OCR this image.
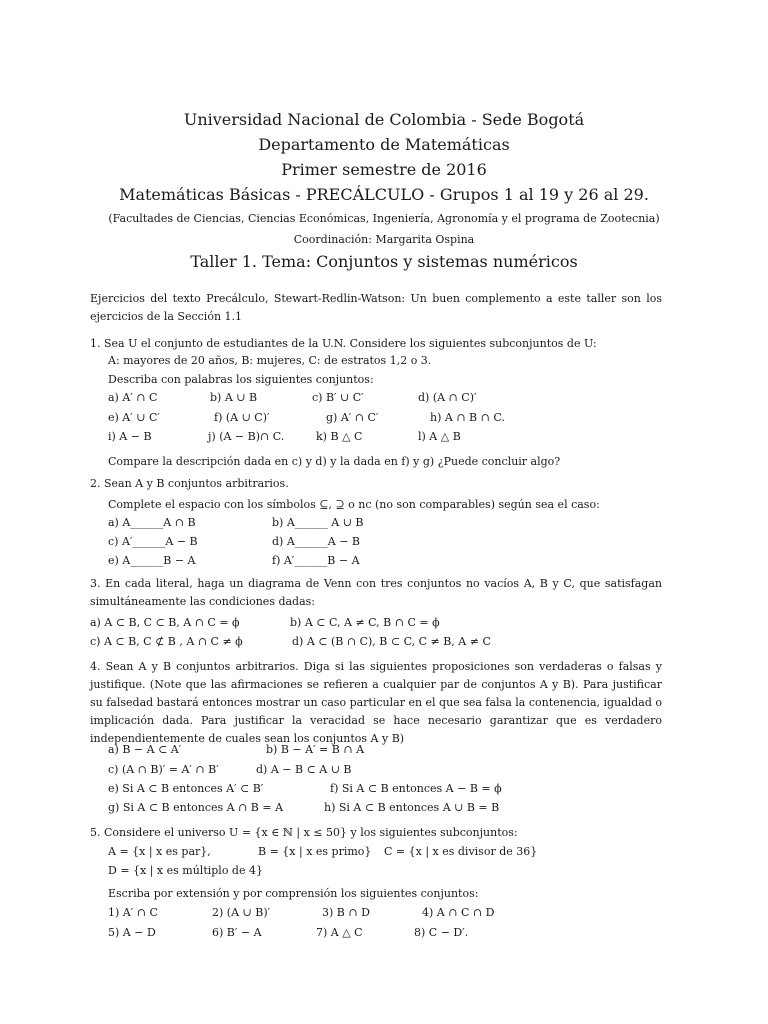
Universidad Nacional de Colombia - Sede Bogotá
Departamento de Matemáticas
Primer semestre de 2016
Matemáticas Básicas - PRECÁLCULO - Grupos 1 al 19 y 26 al 29.
(Facultades de Ciencias, Ciencias Económicas, Ingeniería, Agronomía y el programa de Zootecnia)
Coordinación: Margarita Ospina
Taller 1. Tema: Conjuntos y sistemas numéricos
Ejercicios del texto Precálculo, Stewart-Redlin-Watson: Un buen complemento a este taller son los ejercicios de la Sección 1.1
1. Sea U el conjunto de estudiantes de la U.N. Considere los siguientes subconjuntos de U:
A: mayores de 20 años, B: mujeres, C: de estratos 1,2 o 3.
Describa con palabras los siguientes conjuntos:
a) A′ ∩ C	b) A ∪ B	c) B′ ∪ C′	d) (A ∩ C)′
e) A′ ∪ C′	f) (A ∪ C)′	g) A′ ∩ C′	h) A ∩ B ∩ C.
i) A − B	j) (A − B)∩ C.	k) B △ C	l) A △ B
Compare la descripción dada en c) y d) y la dada en f) y g) ¿Puede concluir algo?
2. Sean A y B conjuntos arbitrarios.
Complete el espacio con los símbolos ⊆, ⊇ o nc (no son comparables) según sea el caso:
a) A______A ∩ B	b) A______ A ∪ B
c) A′______A − B	d) A______A − B
e) A______B − A	f) A′______B − A
3. En cada literal, haga un diagrama de Venn con tres conjuntos no vacíos A, B y C, que satisfagan simultáneamente las condiciones dadas:
a) A ⊂ B, C ⊂ B, A ∩ C = ϕ	b) A ⊂ C, A ≠ C, B ∩ C = ϕ
c) A ⊂ B, C ⊄ B , A ∩ C ≠ ϕ	d) A ⊂ (B ∩ C), B ⊂ C, C ≠ B, A ≠ C
4. Sean A y B conjuntos arbitrarios. Diga si las siguientes proposiciones son verdaderas o falsas y justifique. (Note que las afirmaciones se refieren a cualquier par de conjuntos A y B). Para justificar su falsedad bastará entonces mostrar un caso particular en el que sea falsa la contenencia, igualdad o implicación dada. Para justificar la veracidad se hace necesario garantizar que es verdadero independientemente de cuales sean los conjuntos A y B)
a) B − A ⊂ A′	b) B − A′ = B ∩ A
c) (A ∩ B)′ = A′ ∩ B′	d) A − B ⊂ A ∪ B
e) Si A ⊂ B entonces A′ ⊂ B′	f) Si A ⊂ B entonces A − B = ϕ
g) Si A ⊂ B entonces A ∩ B = A	h) Si A ⊂ B entonces A ∪ B = B
5. Considere el universo U = {x ∈ ℕ | x ≤ 50} y los siguientes subconjuntos:
A = {x | x es par},	B = {x | x es primo} C = {x | x es divisor de 36}
D = {x | x es múltiplo de 4}
Escriba por extensión y por comprensión los siguientes conjuntos:
1) A′ ∩ C	2) (A ∪ B)′	3) B ∩ D	4) A ∩ C ∩ D
5) A − D	6) B′ − A	7) A △ C	8) C − D′.
